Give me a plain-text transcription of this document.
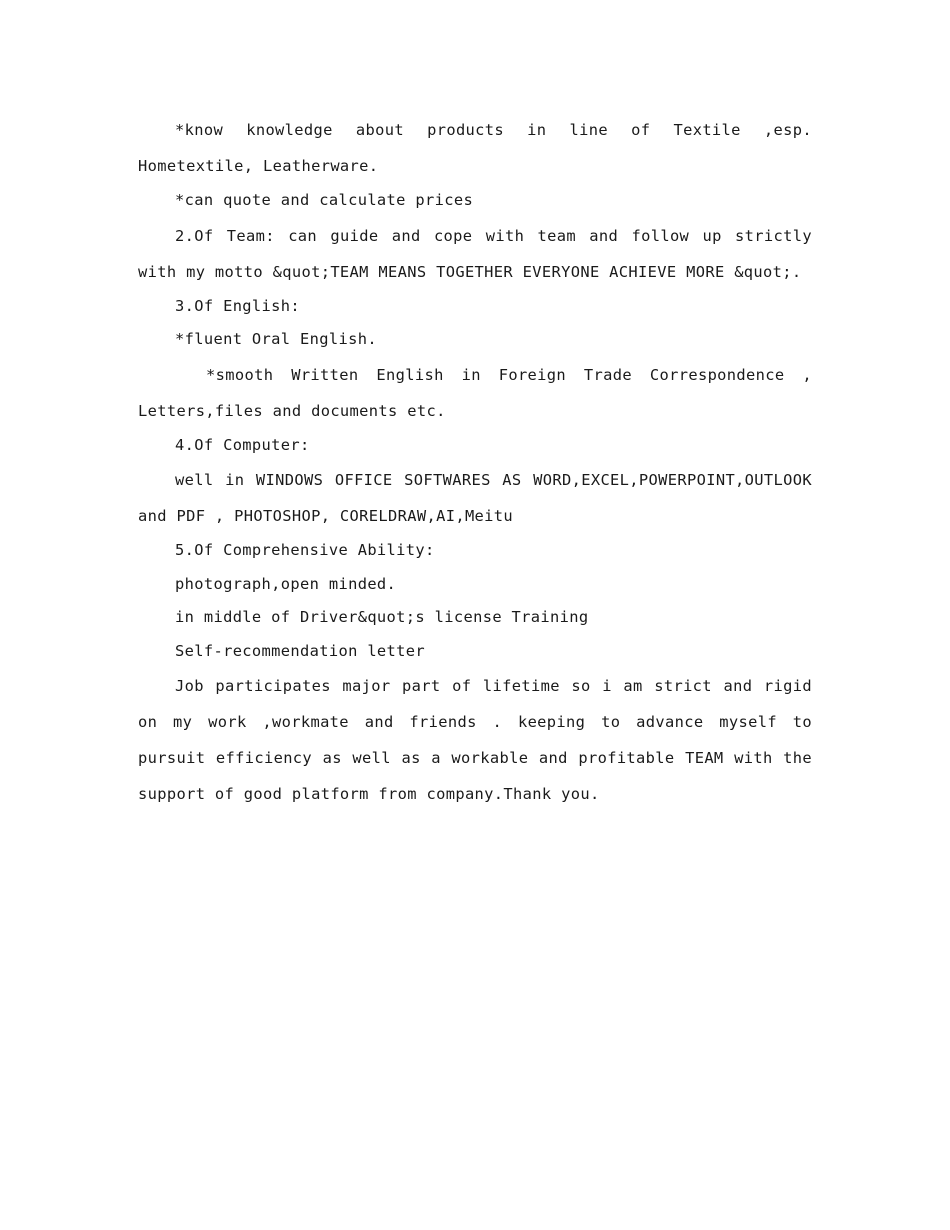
*know knowledge about products in line of Textile ,esp. Hometextile, Leatherware.

*can quote and calculate prices

2.Of Team: can guide and cope with team and follow up strictly with my motto &quot;TEAM MEANS TOGETHER EVERYONE ACHIEVE MORE &quot;.

3.Of English:

*fluent Oral English.

*smooth Written English in Foreign Trade Correspondence , Letters,files and documents etc.

4.Of Computer:

well in WINDOWS OFFICE SOFTWARES AS WORD,EXCEL,POWERPOINT,OUTLOOK and PDF , PHOTOSHOP, CORELDRAW,AI,Meitu

5.Of Comprehensive Ability:

photograph,open minded.

in middle of Driver&quot;s license Training

Self-recommendation letter

Job participates major part of lifetime so i am strict and rigid on my work ,workmate and friends . keeping to advance myself to pursuit efficiency as well as a workable and profitable TEAM with the support of good platform from company.Thank you.
